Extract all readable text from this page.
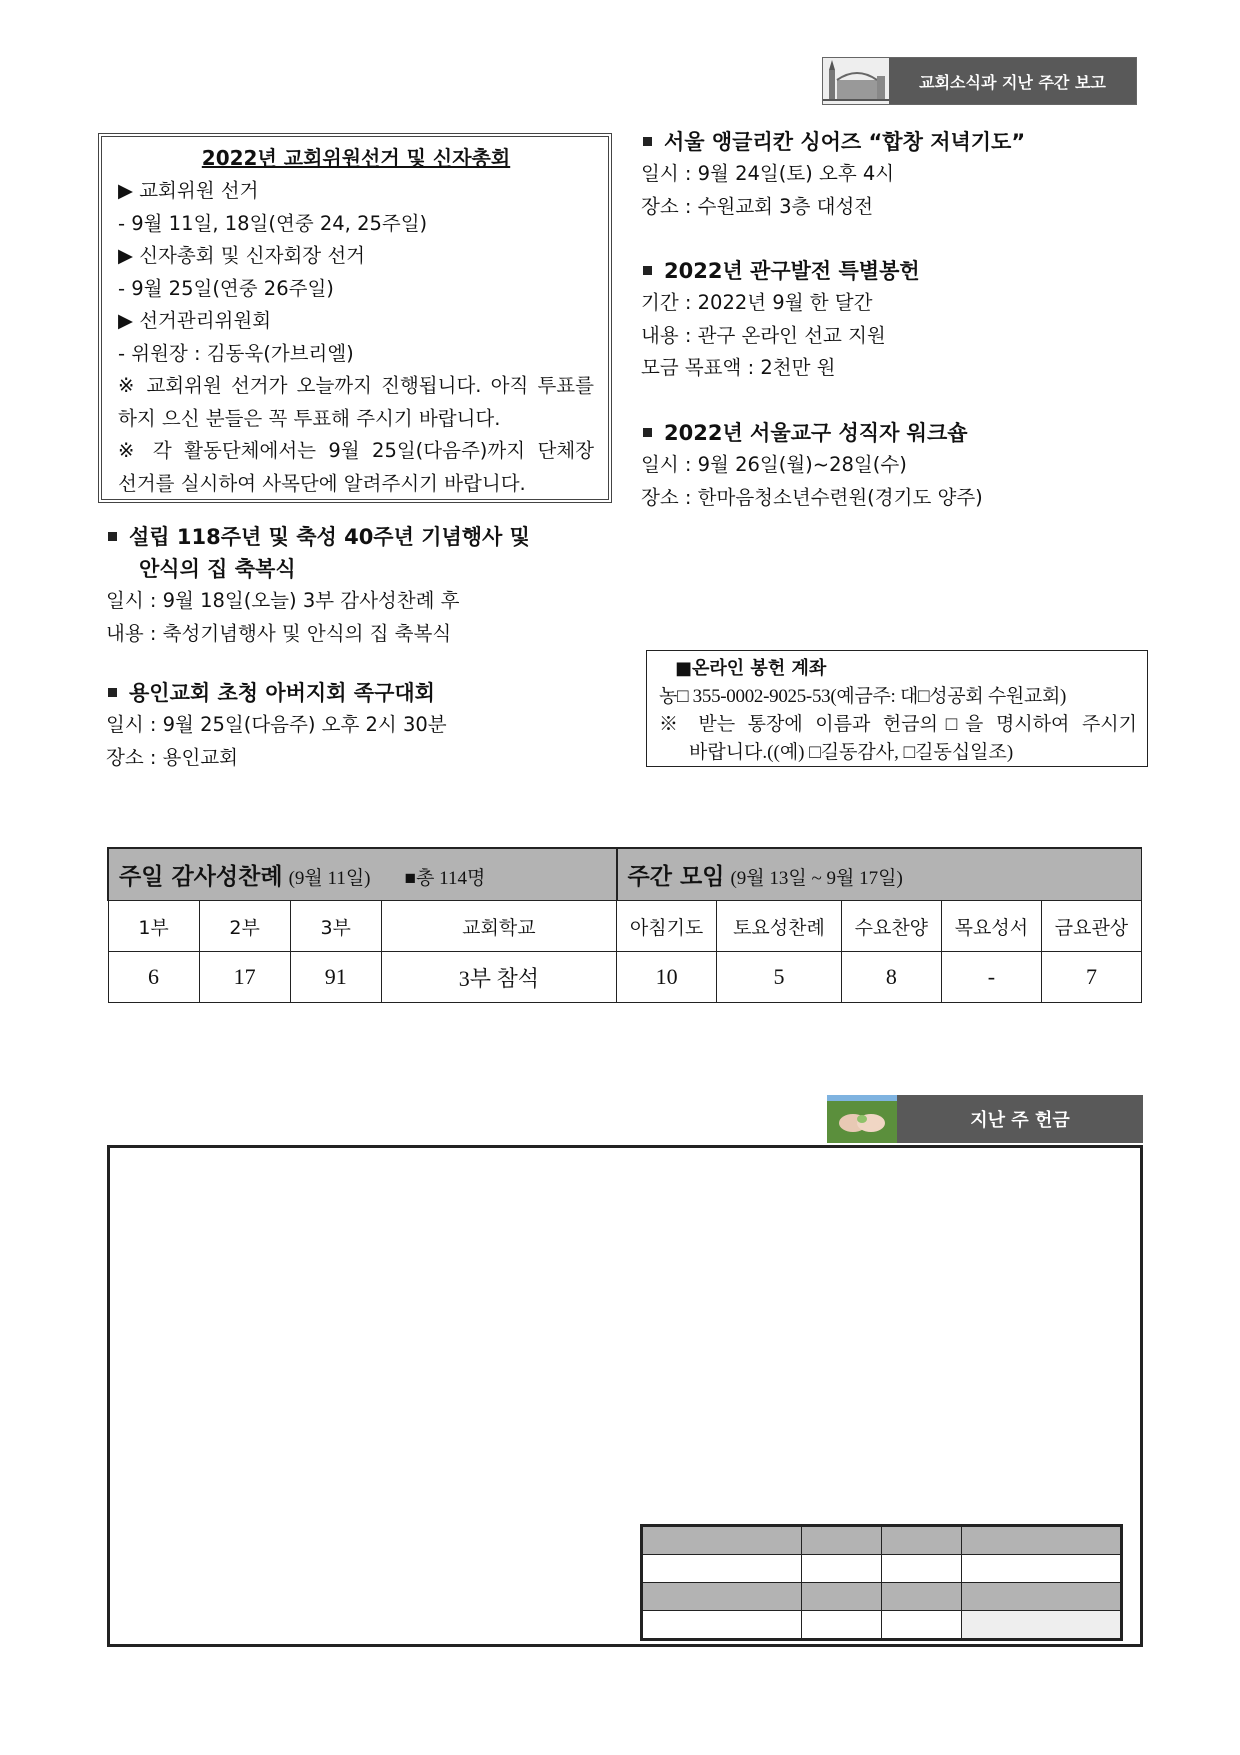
교회소식과 지난 주간 보고
2022년 교회위원선거 및 신자총회
▶ 교회위원 선거
- 9월 11일, 18일(연중 24, 25주일)
▶ 신자총회 및 신자회장 선거
- 9월 25일(연중 26주일)
▶ 선거관리위원회
- 위원장 : 김동욱(가브리엘)
※ 교회위원 선거가 오늘까지 진행됩니다. 아직 투표를
하지 으신 분들은 꼭 투표해 주시기 바랍니다.
※ 각 활동단체에서는 9월 25일(다음주)까지 단체장
선거를 실시하여 사목단에 알려주시기 바랍니다.
설립 118주년 및 축성 40주년 기념행사 및
안식의 집 축복식
일시 : 9월 18일(오늘) 3부 감사성찬례 후
내용 : 축성기념행사 및 안식의 집 축복식
용인교회 초청 아버지회 족구대회
일시 : 9월 25일(다음주) 오후 2시 30분
장소 : 용인교회
서울 앵글리칸 싱어즈 “합창 저녁기도”
일시 : 9월 24일(토) 오후 4시
장소 : 수원교회 3층 대성전
2022년 관구발전 특별봉헌
기간 : 2022년 9월 한 달간
내용 : 관구 온라인 선교 지원
모금 목표액 : 2천만 원
2022년 서울교구 성직자 워크숍
일시 : 9월 26일(월)~28일(수)
장소 : 한마음청소년수련원(경기도 양주)
■온라인 봉헌 계좌
농□ 355-0002-9025-53(예금주: 대□성공회 수원교회)
※ 받는 통장에 이름과 헌금의□을 명시하여 주시기
바랍니다.((예) □길동감사, □길동십일조)
주일 감사성찬례 (9월 11일) ■총 114명				주간 모임 (9월 13일 ~ 9월 17일)				
1부	2부	3부	교회학교	아침기도	토요성찬례	수요찬양	목요성서	금요관상
6	17	91	3부 참석	10	5	8	-	7
지난 주 헌금
